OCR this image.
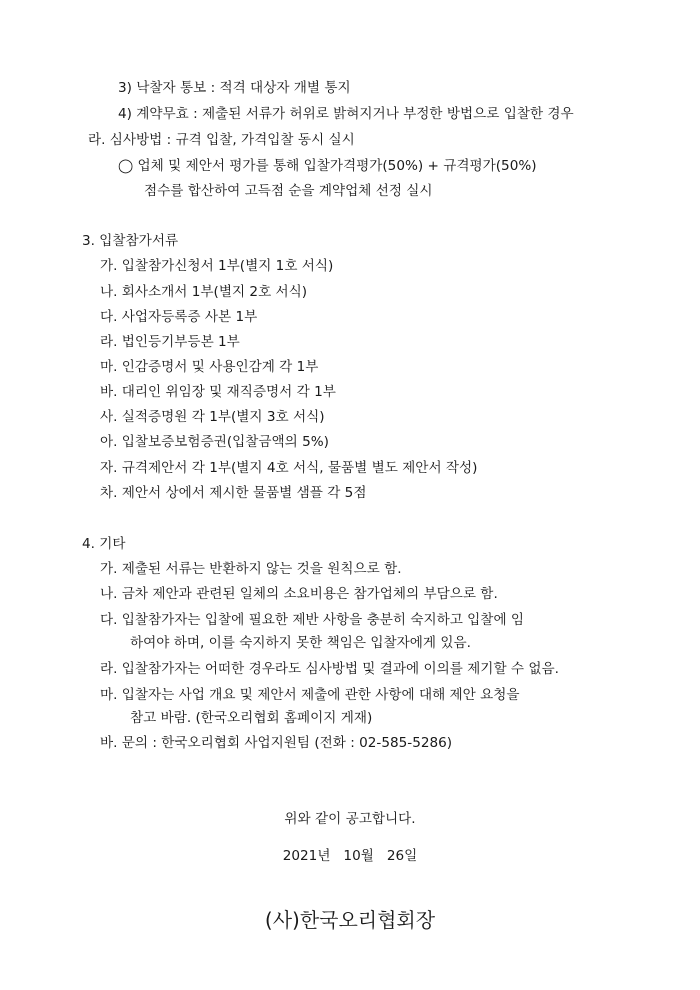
3) 낙찰자 통보 : 적격 대상자 개별 통지
4) 계약무효 : 제출된 서류가 허위로 밝혀지거나 부정한 방법으로 입찰한 경우
라. 심사방법 : 규격 입찰, 가격입찰 동시 실시
◯ 업체 및 제안서 평가를 통해 입찰가격평가(50%) + 규격평가(50%)
점수를 합산하여 고득점 순을 계약업체 선정 실시
3. 입찰참가서류
가. 입찰참가신청서 1부(별지 1호 서식)
나. 회사소개서 1부(별지 2호 서식)
다. 사업자등록증 사본 1부
라. 법인등기부등본 1부
마. 인감증명서 및 사용인감계 각 1부
바. 대리인 위임장 및 재직증명서 각 1부
사. 실적증명원 각 1부(별지 3호 서식)
아. 입찰보증보험증권(입찰금액의 5%)
자. 규격제안서 각 1부(별지 4호 서식, 물품별 별도 제안서 작성)
차. 제안서 상에서 제시한 물품별 샘플 각 5점
4. 기타
가. 제출된 서류는 반환하지 않는 것을 원칙으로 함.
나. 금차 제안과 관련된 일체의 소요비용은 참가업체의 부담으로 함.
다. 입찰참가자는 입찰에 필요한 제반 사항을 충분히 숙지하고 입찰에 임
하여야 하며, 이를 숙지하지 못한 책임은 입찰자에게 있음.
라. 입찰참가자는 어떠한 경우라도 심사방법 및 결과에 이의를 제기할 수 없음.
마. 입찰자는 사업 개요 및 제안서 제출에 관한 사항에 대해 제안 요청을
참고 바람. (한국오리협회 홈페이지 게재)
바. 문의 : 한국오리협회 사업지원팀 (전화 : 02-585-5286)
위와 같이 공고합니다.
2021년   10월   26일
(사)한국오리협회장
